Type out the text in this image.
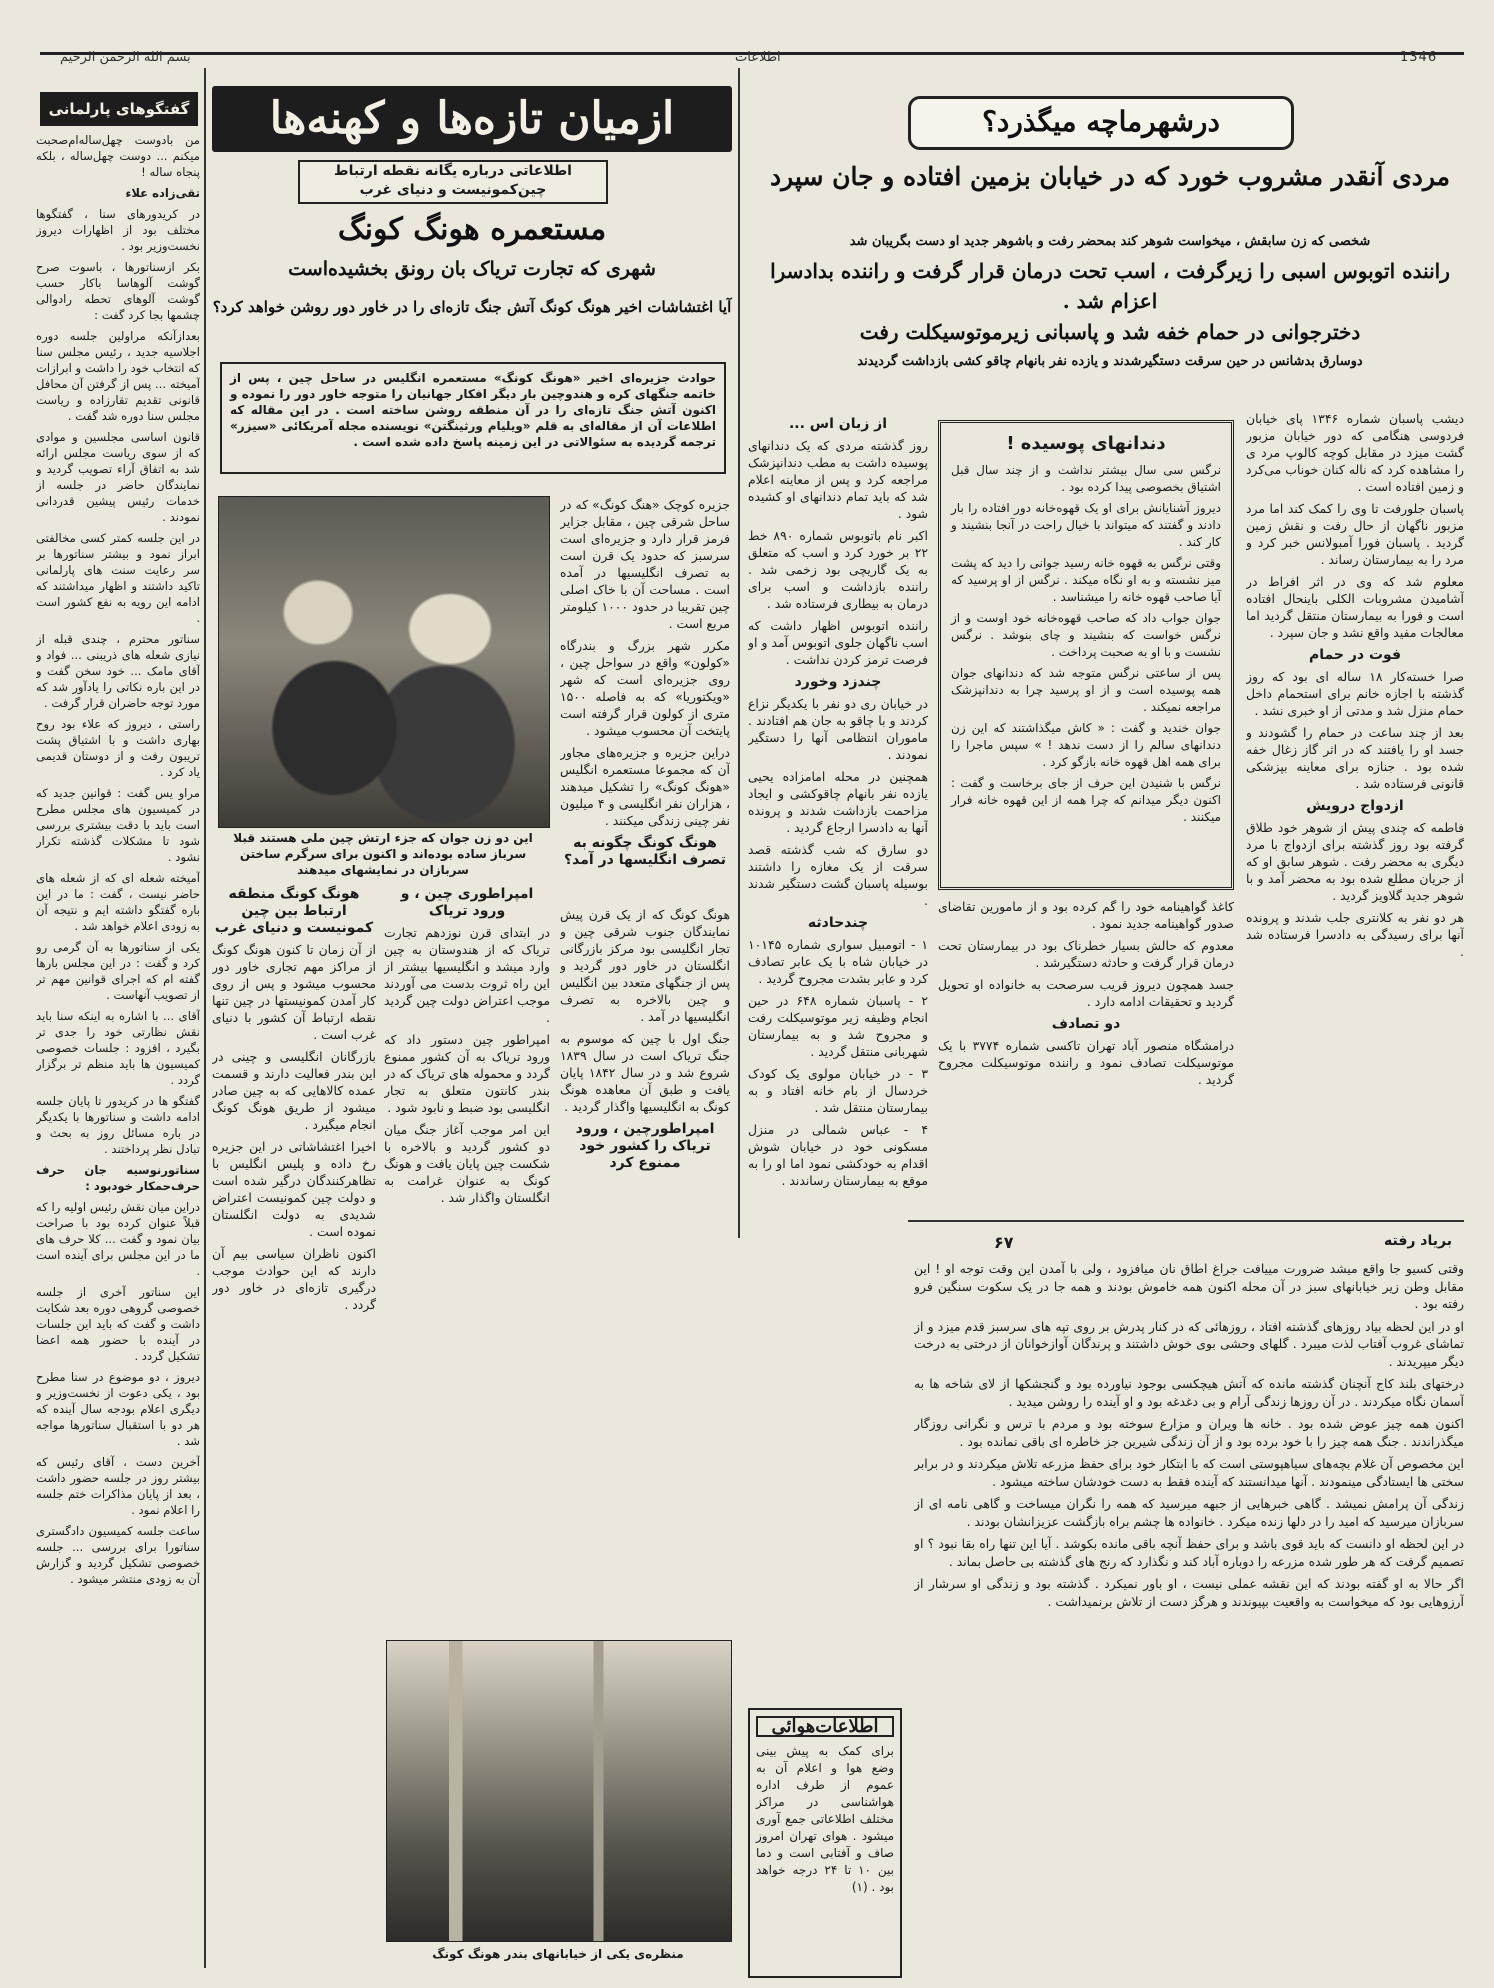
بسم الله الرحمن الرحیم	اطلاعات	1346
گفتگوهای پارلمانی

من بادوست چهل‌ساله‌ام‌صحبت میکنم ... دوست چهل‌ساله ، بلکه پنجاه ساله !

تقی‌زاده علاء

در کریدورهای سنا ، گفتگوها مختلف بود از اظهارات دیروز نخست‌وزیر بود .

بکر ازسناتورها ، باسوت صرح گوشت آلوهاسا باکار حسب گوشت آلوهای تحطه رادوالی چشمها بجا کرد گفت :

بعدازآنکه مراولین جلسه دوره اجلاسیه جدید ، رئیس مجلس سنا که انتخاب خود را داشت و ابرازات آمیخته ... پس از گرفتن آن محافل قانونی تقدیم تقارزاده و ریاست مجلس سنا دوره شد گفت .

قانون اساسی مجلسین و موادی که از سوی ریاست مجلس ارائه شد به اتفاق آراء تصویب گردید و نمایندگان حاضر در جلسه از خدمات رئیس پیشین قدردانی نمودند .

در این جلسه کمتر کسی مخالفتی ابراز نمود و بیشتر سناتورها بر سر رعایت سنت های پارلمانی تاکید داشتند و اظهار میداشتند که ادامه این رویه به نفع کشور است .

سناتور محترم ، چندی قبله از نیازی شعله های ذریبنی ... فواد و آقای مامک ... خود سخن گفت و در این باره نکاتی را یادآور شد که مورد توجه حاضران قرار گرفت .

راستی ، دیروز که علاء بود روح بهاری داشت و با اشتیاق پشت تریبون رفت و از دوستان قدیمی یاد کرد .

مراو یس گفت : قوانین جدید که در کمیسیون های مجلس مطرح است باید با دقت بیشتری بررسی شود تا مشکلات گذشته تکرار نشود .

آمیخته شعله ای که از شعله های حاضر نیست ، گفت : ما در این باره گفتگو داشته ایم و نتیجه آن به زودی اعلام خواهد شد .

یکی از سناتورها به آن گرمی رو کرد و گفت : در این مجلس بارها گفته ام که اجرای قوانین مهم تر از تصویب آنهاست .

آقای ... با اشاره به اینکه سنا باید نقش نظارتی خود را جدی تر بگیرد ، افزود : جلسات خصوصی کمیسیون ها باید منظم تر برگزار گردد .

گفتگو ها در کریدور تا پایان جلسه ادامه داشت و سناتورها با یکدیگر در باره مسائل روز به بحث و تبادل نظر پرداختند .

سناتورنوسیه جان حرف‌ حرف‌حمکار خودبود :

دراین میان نقش رئیس‌ اولیه را که قبلاً عنوان کرده بود با صراحت بیان نمود و گفت ... کلا حرف های ما در این مجلس برای آینده است .

این سناتور آخری از جلسه خصوصی گروهی دوره بعد شکایت داشت و گفت که باید این جلسات در آینده با حضور همه اعضا تشکیل گردد .

دیروز ، دو موضوع در سنا مطرح بود ، یکی دعوت از نخست‌وزیر و دیگری اعلام بودجه سال آینده که هر دو با استقبال سناتورها مواجه شد .

آخرین دست ، آقای رئیس که بیشتر روز در جلسه حضور داشت ، بعد از پایان مذاکرات ختم جلسه را اعلام نمود .

ساعت جلسه کمیسیون دادگستری سناتورا برای بررسی ... جلسه خصوصی تشکیل گردید و گزارش آن به زودی منتشر میشود .

ازمیان تازه‌ها و کهنه‌ها
اطلاعاتی درباره یگانه نقطه ارتباط چین‌کمونیست و دنیای غرب
مستعمره هونگ کونگ
شهری که تجارت تریاک بان رونق بخشیده‌است
آیا اغتشاشات اخیر هونگ کونگ آتش جنگ تازه‌ای را در خاور دور روشن خواهد کرد؟
حوادث جزیره‌ای اخیر «هونگ کونگ» مستعمره انگلیس در ساحل چین ، پس از خاتمه جنگهای کره و هندوچین بار دیگر افکار جهانیان را متوجه خاور دور را نموده و اکنون آتش جنگ تازه‌ای را در آن منطقه روشن ساخته است . در این مقاله که اطلاعات آن از مقاله‌ای به قلم «ویلیام ورثینگتن» نویسنده مجله آمریکائی «سیزر» ترجمه گردیده به سئوالاتی در این زمینه پاسخ داده شده است .
این دو زن جوان که جزء ارتش چین ملی هستند قبلا سرباز ساده بوده‌اند و اکنون برای سرگرم ساختن سربازان در نمایشهای میدهند

جزیره کوچک «هنگ کونگ» که در ساحل شرقی چین ، مقابل جزایر فرمز قرار دارد و جزیره‌ای است سرسبز که حدود یک قرن است به تصرف انگلیسیها در آمده است . مساحت آن با خاک اصلی چین تقریبا در حدود ۱۰۰۰ کیلومتر مربع است .

مکرر شهر بزرگ و بندرگاه «کولون» واقع در سواحل چین ، روی جزیره‌ای است که شهر «ویکتوریا» که به فاصله ۱۵۰۰ متری از کولون قرار گرفته است پایتخت آن محسوب میشود .

دراین جزیره و جزیره‌های مجاور آن که مجموعا مستعمره انگلیس «هونگ کونگ» را تشکیل میدهند ، هزاران نفر انگلیسی و ۴ میلیون نفر چینی زندگی میکنند .

هونگ کونگ چگونه به تصرف انگلیسها در آمد؟

هونگ کونگ که از یک قرن پیش نمایندگان جنوب شرقی چین و تجار انگلیسی بود مرکز بازرگانی انگلستان در خاور دور گردید و پس از جنگهای متعدد بین انگلیس و چین بالاخره به تصرف انگلیسیها در آمد .

جنگ اول با چین که موسوم به جنگ تریاک است در سال ۱۸۳۹ شروع شد و در سال ۱۸۴۲ پایان یافت و طبق آن معاهده هونگ کونگ به انگلیسیها واگذار گردید .

امپراطورچین ، ورود تریاک را کشور خود ممنوع کرد
امپراطوری چین ، و ورود تریاک

در ابتدای قرن نوزدهم تجارت تریاک که از هندوستان به چین وارد میشد و انگلیسیها بیشتر از این راه ثروت بدست می آوردند موجب اعتراض دولت چین گردید .

امپراطور چین دستور داد که ورود تریاک به آن کشور ممنوع گردد و محموله های تریاک که در بندر کانتون متعلق به تجار انگلیسی بود ضبط و نابود شود .

این امر موجب آغاز جنگ میان دو کشور گردید و بالاخره با شکست چین پایان یافت و هونگ کونگ به عنوان غرامت به انگلستان واگذار شد .

هونگ کونگ منطقه ارتباط بین چین کمونیست و دنیای غرب

از آن زمان تا کنون هونگ کونگ از مراکز مهم تجاری خاور دور محسوب میشود و پس از روی کار آمدن کمونیستها در چین تنها نقطه ارتباط آن کشور با دنیای غرب است .

بازرگانان انگلیسی و چینی در این بندر فعالیت دارند و قسمت عمده کالاهایی که به چین صادر میشود از طریق هونگ کونگ انجام میگیرد .

اخیرا اغتشاشاتی در این جزیره رخ داده و پلیس انگلیس با تظاهرکنندگان درگیر شده است و دولت چین کمونیست اعتراض شدیدی به دولت انگلستان نموده است .

اکنون ناظران سیاسی بیم آن دارند که این حوادث موجب درگیری تازه‌ای در خاور دور گردد .

منظره‌ی یکی از خیابانهای بندر هونگ کونگ
درشهرماچه میگذرد؟
مردی آنقدر مشروب خورد که در خیابان بزمین افتاده و جان سپرد
شخصی که زن سابقش ، میخواست شوهر کند بمحضر رفت و باشوهر جدید او دست بگریبان شد
راننده اتوبوس اسبی را زیرگرفت ، اسب تحت درمان قرار گرفت و راننده بدادسرا اعزام شد .
دخترجوانی در حمام خفه شد و پاسبانی زیرموتوسیکلت رفت
دوسارق بدشانس در حین سرقت دستگیرشدند و یازده نفر بانهام چاقو کشی بازداشت گردیدند

دیشب پاسبان شماره ۱۳۴۶ پای خیابان فردوسی هنگامی که دور خیابان مزبور گشت میزد در مقابل کوچه کالوپ مرد ی را مشاهده کرد که ناله کنان خوناب می‌کرد و زمین افتاده است .

پاسبان جلورفت تا وی را کمک کند اما مرد مزبور ناگهان از حال رفت و نقش زمین گردید . پاسبان فورا آمبولانس خبر کرد و مرد را به بیمارستان رساند .

معلوم شد که وی در اثر افراط در آشامیدن مشروبات الکلی باینحال افتاده است و فورا به بیمارستان منتقل گردید اما معالجات مفید واقع نشد و جان سپرد .

فوت در حمام

صرا خسته‌کار ۱۸ ساله ای بود که روز گذشته با اجازه خانم برای استحمام داخل حمام منزل شد و مدتی از او خبری نشد .

بعد از چند ساعت در حمام را گشودند و جسد او را یافتند که در اثر گاز زغال خفه شده بود . جنازه برای معاینه بپزشکی قانونی فرستاده شد .

ازدواج درویش

فاطمه که چندی پیش از شوهر خود طلاق گرفته بود روز گذشته برای ازدواج با مرد دیگری به محضر رفت . شوهر سابق او که از جریان مطلع شده بود به محضر آمد و با شوهر جدید گلاویز گردید .

هر دو نفر به کلانتری جلب شدند و پرونده آنها برای رسیدگی به دادسرا فرستاده شد .

دندانهای پوسیده !

نرگس سی سال بیشتر نداشت و از چند سال قبل اشتیاق بخصوصی پیدا کرده بود .

دیروز آشنایانش برای او یک قهوه‌خانه دور افتاده را بار دادند و گفتند که میتواند با خیال راحت در آنجا بنشیند و کار کند .

وقتی نرگس به قهوه خانه رسید جوانی را دید که پشت میز نشسته و به او نگاه میکند . نرگس از او پرسید که آیا صاحب قهوه خانه را میشناسد .

جوان جواب داد که صاحب قهوه‌خانه خود اوست و از نرگس خواست که بنشیند و چای بنوشد . نرگس نشست و با او به صحبت پرداخت .

پس از ساعتی نرگس متوجه شد که دندانهای جوان همه پوسیده است و از او پرسید چرا به دندانپزشک مراجعه نمیکند .

جوان خندید و گفت : « کاش میگذاشتند که این زن دندانهای سالم را از دست ندهد ! » سپس ماجرا را برای همه اهل قهوه خانه بازگو کرد .

نرگس با شنیدن این حرف از جای برخاست و گفت : اکنون دیگر میدانم که چرا همه از این قهوه خانه فرار میکنند .

کاغذ گواهینامه خود را گم کرده بود و از مامورین تقاضای صدور گواهینامه جدید نمود .

معدوم که حالش بسیار خطرناک بود در بیمارستان تحت درمان قرار گرفت و حادثه دستگیرشد .

جسد همچون دیروز قریب سرصحت به خانواده او تحویل گردید و تحقیقات ادامه دارد .

دو تصادف

درامشگاه منصور آباد تهران تاکسی شماره ۳۷۷۴ با یک موتوسیکلت تصادف نمود و راننده موتوسیکلت مجروح گردید .

از زبان اس ...

روز گذشته مردی که یک دندانهای پوسیده داشت به مطب دندانپزشک مراجعه کرد و پس از معاینه اعلام شد که باید تمام دندانهای او کشیده شود .

اکبر نام باتوبوس شماره ۸۹۰ خط ۲۲ بر خورد کرد و اسب که متعلق به یک گاریچی بود زخمی شد . راننده بازداشت و اسب برای درمان به بیطاری فرستاده شد .

راننده اتوبوس اظهار داشت که اسب ناگهان جلوی اتوبوس آمد و او فرصت ترمز کردن نداشت .

چندزد وخورد

در خیابان ری دو نفر با یکدیگر نزاع کردند و با چاقو به جان هم افتادند . ماموران انتظامی آنها را دستگیر نمودند .

همچنین در محله امامزاده یحیی یازده نفر بانهام چاقوکشی و ایجاد مزاحمت بازداشت شدند و پرونده آنها به دادسرا ارجاع گردید .

دو سارق که شب گذشته قصد سرقت از یک مغازه را داشتند بوسیله پاسبان گشت دستگیر شدند .

چندحادثه

۱ - اتومبیل سواری شماره ۱۰۱۴۵ در خیابان شاه با یک عابر تصادف کرد و عابر بشدت مجروح گردید .

۲ - پاسبان شماره ۶۴۸ در حین انجام وظیفه زیر موتوسیکلت رفت و مجروح شد و به بیمارستان شهربانی منتقل گردید .

۳ - در خیابان مولوی یک کودک خردسال از بام خانه افتاد و به بیمارستان منتقل شد .

۴ - عباس شمالی در منزل مسکونی خود در خیابان شوش اقدام به خودکشی نمود اما او را به موقع به بیمارستان رساندند .

اطلاعات‌هوائی
برای کمک به پیش بینی وضع هوا و اعلام آن به عموم از طرف اداره هواشناسی در مراکز مختلف اطلاعاتی جمع آوری میشود . هوای تهران امروز صاف و آفتابی است و دما بین ۱۰ تا ۲۴ درجه خواهد بود . (۱)
۶۷	بریاد رفته

وقتی کسیو جا واقع میشد ضرورت مییافت جراغ اطاق نان‌ میافزود ، ولی با آمدن این وقت توجه او ! این مقابل وطن زیر خیابانهای سبز در آن محله اکنون همه خاموش بودند و همه جا در یک سکوت سنگین فرو رفته بود .

او در این لحظه بیاد روزهای گذشته افتاد ، روزهائی که در کنار پدرش بر روی تپه های سرسبز قدم میزد و از تماشای غروب آفتاب لذت میبرد . گلهای وحشی بوی خوش داشتند و پرندگان آوازخوانان از درختی به درخت دیگر میپریدند .

درختهای بلند کاج آنچنان گذشته مانده که آتش هیچکسی بوجود نیاورده بود و گنجشکها از لای شاخه ها به آسمان نگاه میکردند . در آن روزها زندگی آرام و بی دغدغه بود و او آینده را روشن میدید .

اکنون همه چیز عوض شده بود . خانه ها ویران و مزارع سوخته بود و مردم با ترس و نگرانی روزگار میگذراندند . جنگ همه چیز را با خود برده بود و از آن زندگی شیرین جز خاطره ای باقی نمانده بود .

این مخصوص آن غلام بچه‌های سیاهپوستی است که با ابتکار خود برای حفظ مزرعه تلاش میکردند و در برابر سختی ها ایستادگی مینمودند . آنها میدانستند که آینده فقط به دست خودشان ساخته میشود .

زندگی آن پرامش نمیشد . گاهی خبرهایی از جبهه میرسید که همه را نگران میساخت و گاهی نامه ای از سربازان میرسید که امید را در دلها زنده میکرد . خانواده ها چشم براه بازگشت عزیزانشان بودند .

در این لحظه او دانست که باید قوی باشد و برای حفظ آنچه باقی مانده بکوشد . آیا این تنها راه بقا نبود ؟ او تصمیم گرفت که هر طور شده مزرعه را دوباره آباد کند و نگذارد که رنج های گذشته بی حاصل بماند .

اگر حالا به او گفته بودند که این نقشه عملی نیست ، او باور نمیکرد . گذشته بود و زندگی او سرشار از آرزوهایی بود که میخواست به واقعیت بپیوندند و هرگز دست از تلاش برنمیداشت .
